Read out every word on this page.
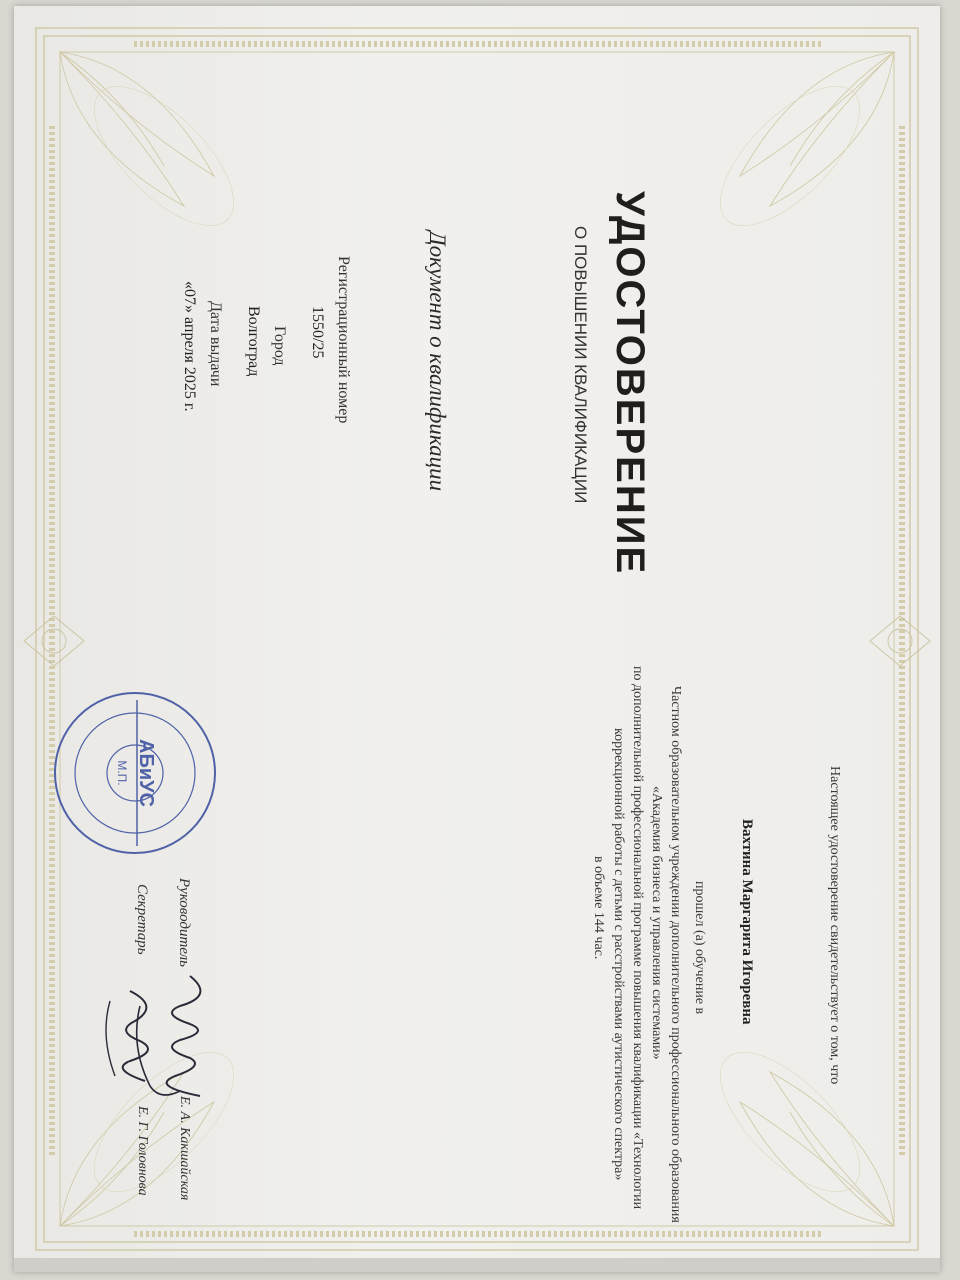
УДОСТОВЕРЕНИЕ
О ПОВЫШЕНИИ КВАЛИФИКАЦИИ
Документ о квалификации
Регистрационный номер
1550/25
Город
Волгоград
Дата выдачи
«07» апреля 2025 г.
Настоящее удостоверение свидетельствует о том, что
Вахтина Маргарита Игоревна
прошел (а) обучение в
Частном образовательном учреждении дополнительного профессионального образования
«Академия бизнеса и управления системами»
по дополнительной профессиональной программе повышения квалификации «Технологии
коррекционной работы с детьми с расстройствами аутистического спектра»
в объеме 144 час.
АБиУС
М.П.
Руководитель
Е. А. Какшайская
Секретарь
Е. Г. Головнова
